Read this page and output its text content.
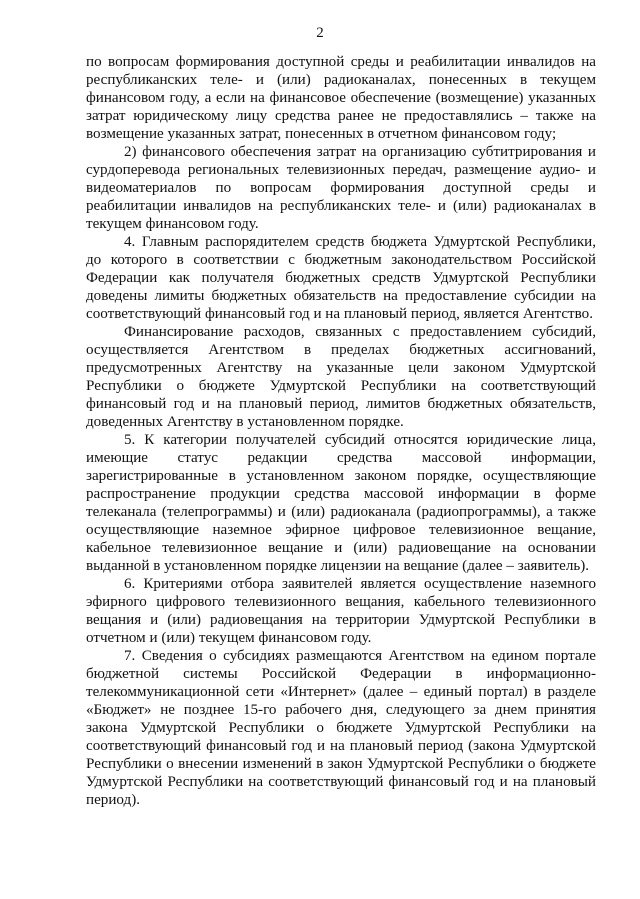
2

по вопросам формирования доступной среды и реабилитации инвалидов на республиканских теле- и (или) радиоканалах, понесенных в текущем финансовом году, а если на финансовое обеспечение (возмещение) указанных затрат юридическому лицу средства ранее не предоставлялись – также на возмещение указанных затрат, понесенных в отчетном финансовом году;

2) финансового обеспечения затрат на организацию субтитрирования и сурдоперевода региональных телевизионных передач, размещение аудио- и видеоматериалов по вопросам формирования доступной среды и реабилитации инвалидов на республиканских теле- и (или) радиоканалах в текущем финансовом году.

4. Главным распорядителем средств бюджета Удмуртской Республики, до которого в соответствии с бюджетным законодательством Российской Федерации как получателя бюджетных средств Удмуртской Республики доведены лимиты бюджетных обязательств на предоставление субсидии на соответствующий финансовый год и на плановый период, является Агентство.

Финансирование расходов, связанных с предоставлением субсидий, осуществляется Агентством в пределах бюджетных ассигнований, предусмотренных Агентству на указанные цели законом Удмуртской Республики о бюджете Удмуртской Республики на соответствующий финансовый год и на плановый период, лимитов бюджетных обязательств, доведенных Агентству в установленном порядке.

5. К категории получателей субсидий относятся юридические лица, имеющие статус редакции средства массовой информации, зарегистрированные в установленном законом порядке, осуществляющие распространение продукции средства массовой информации в форме телеканала (телепрограммы) и (или) радиоканала (радиопрограммы), а также осуществляющие наземное эфирное цифровое телевизионное вещание, кабельное телевизионное вещание и (или) радиовещание на основании выданной в установленном порядке лицензии на вещание (далее – заявитель).

6. Критериями отбора заявителей является осуществление наземного эфирного цифрового телевизионного вещания, кабельного телевизионного вещания и (или) радиовещания на территории Удмуртской Республики в отчетном и (или) текущем финансовом году.

7. Сведения о субсидиях размещаются Агентством на едином портале бюджетной системы Российской Федерации в информационно-телекоммуникационной сети «Интернет» (далее – единый портал) в разделе «Бюджет» не позднее 15-го рабочего дня, следующего за днем принятия закона Удмуртской Республики о бюджете Удмуртской Республики на соответствующий финансовый год и на плановый период (закона Удмуртской Республики о внесении изменений в закон Удмуртской Республики о бюджете Удмуртской Республики на соответствующий финансовый год и на плановый период).
